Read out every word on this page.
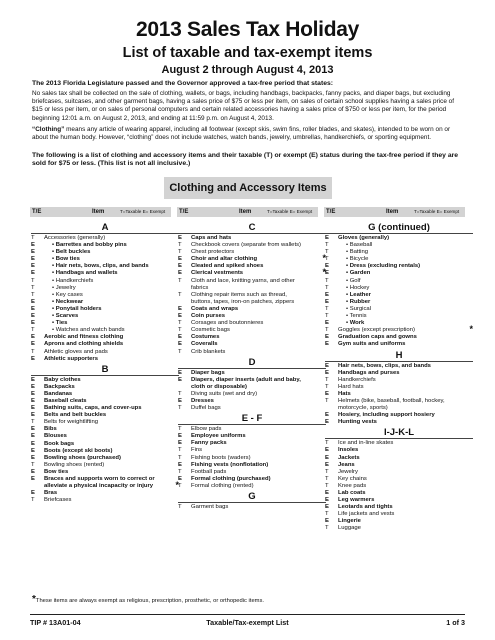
2013 Sales Tax Holiday
List of taxable and tax-exempt items
August 2 through August 4, 2013
The 2013 Florida Legislature passed and the Governor approved a tax-free period that states:
No sales tax shall be collected on the sale of clothing, wallets, or bags, including handbags, backpacks, fanny packs, and diaper bags, but excluding briefcases, suitcases, and other garment bags, having a sales price of $75 or less per item, on sales of certain school supplies having a sales price of $15 or less per item, or on sales of personal computers and certain related accessories having a sales price of $750 or less per item, for the period beginning 12:01 a.m. on August 2, 2013, and ending at 11:59 p.m. on August 4, 2013.
“Clothing” means any article of wearing apparel, including all footwear (except skis, swim fins, roller blades, and skates), intended to be worn on or about the human body. However, “clothing” does not include watches, watch bands, jewelry, umbrellas, handkerchiefs, or sporting equipment.
The following is a list of clothing and accessory items and their taxable (T) or exempt (E) status during the tax-free period if they are sold for $75 or less. (This list is not all inclusive.)
Clothing and Accessory Items
T/E	Item	T=Taxable E= Exempt T/E	Item	T=Taxable E= Exempt T/E	Item	T=Taxable E= Exempt
A
T	Accessories (generally)
E	• Barrettes and bobby pins
E	• Belt buckles
E	• Bow ties
E	• Hair nets, bows, clips, and bands
E	• Handbags and wallets
T	• Handkerchiefs
T	• Jewelry
T	• Key cases
E	• Neckwear
E	• Ponytail holders
E	• Scarves
E	• Ties
T	• Watches and watch bands
E	Aerobic and fitness clothing
E	Aprons and clothing shields
T	Athletic gloves and pads
E	Athletic supporters
B
E	Baby clothes
E	Backpacks
E	Bandanas
E	Baseball cleats
E	Bathing suits, caps, and cover-ups
E	Belts and belt buckles
T	Belts for weightlifting
E	Bibs
E	Blouses
E	Book bags
E	Boots (except ski boots)
E	Bowling shoes (purchased)
T	Bowling shoes (rented)
E	Bow ties
E	Braces and supports worn to correct or
alleviate a physical incapacity or injury	*
E	Bras
T	Briefcases
C
E	Caps and hats
T	Checkbook covers (separate from wallets)
T	Chest protectors
E	Choir and altar clothing	*
E	Cleated and spiked shoes
E	Clerical vestments	*
T	Cloth and lace, knitting yarns, and other
fabrics
T	Clothing repair items such as thread,
buttons, tapes, iron-on patches, zippers
E	Coats and wraps
E	Coin purses
T	Corsages and boutonnieres
T	Cosmetic bags
E	Costumes
E	Coveralls
T	Crib blankets
D
E	Diaper bags
E	Diapers, diaper inserts (adult and baby,
cloth or disposable)
T	Diving suits (wet and dry)
E	Dresses
T	Duffel bags
E - F
T	Elbow pads
E	Employee uniforms
E	Fanny packs
T	Fins
T	Fishing boots (waders)
E	Fishing vests (nonflotation)
T	Football pads
E	Formal clothing (purchased)
T	Formal clothing (rented)
G
T	Garment bags
G (continued)
E	Gloves (generally)
T	• Baseball
T	• Batting
T	• Bicycle
E	• Dress (excluding rentals)
E	• Garden
T	• Golf
T	• Hockey
E	• Leather
E	• Rubber
T	• Surgical
T	• Tennis
E	• Work
T	Goggles (except prescription)	*
E	Graduation caps and gowns
E	Gym suits and uniforms
H
E	Hair nets, bows, clips, and bands
E	Handbags and purses
T	Handkerchiefs
T	Hard hats
E	Hats
T	Helmets (bike, baseball, football, hockey,
motorcycle, sports)
E	Hosiery, including support hosiery
E	Hunting vests
I-J-K-L
T	Ice and in-line skates
E	Insoles
E	Jackets
E	Jeans
T	Jewelry
T	Key chains
T	Knee pads
E	Lab coats
E	Leg warmers
E	Leotards and tights
T	Life jackets and vests
E	Lingerie
T	Luggage
*These items are always exempt as religious, prescription, prosthetic, or orthopedic items.
TIP # 13A01-04	Taxable/Tax-exempt List	1 of 3
